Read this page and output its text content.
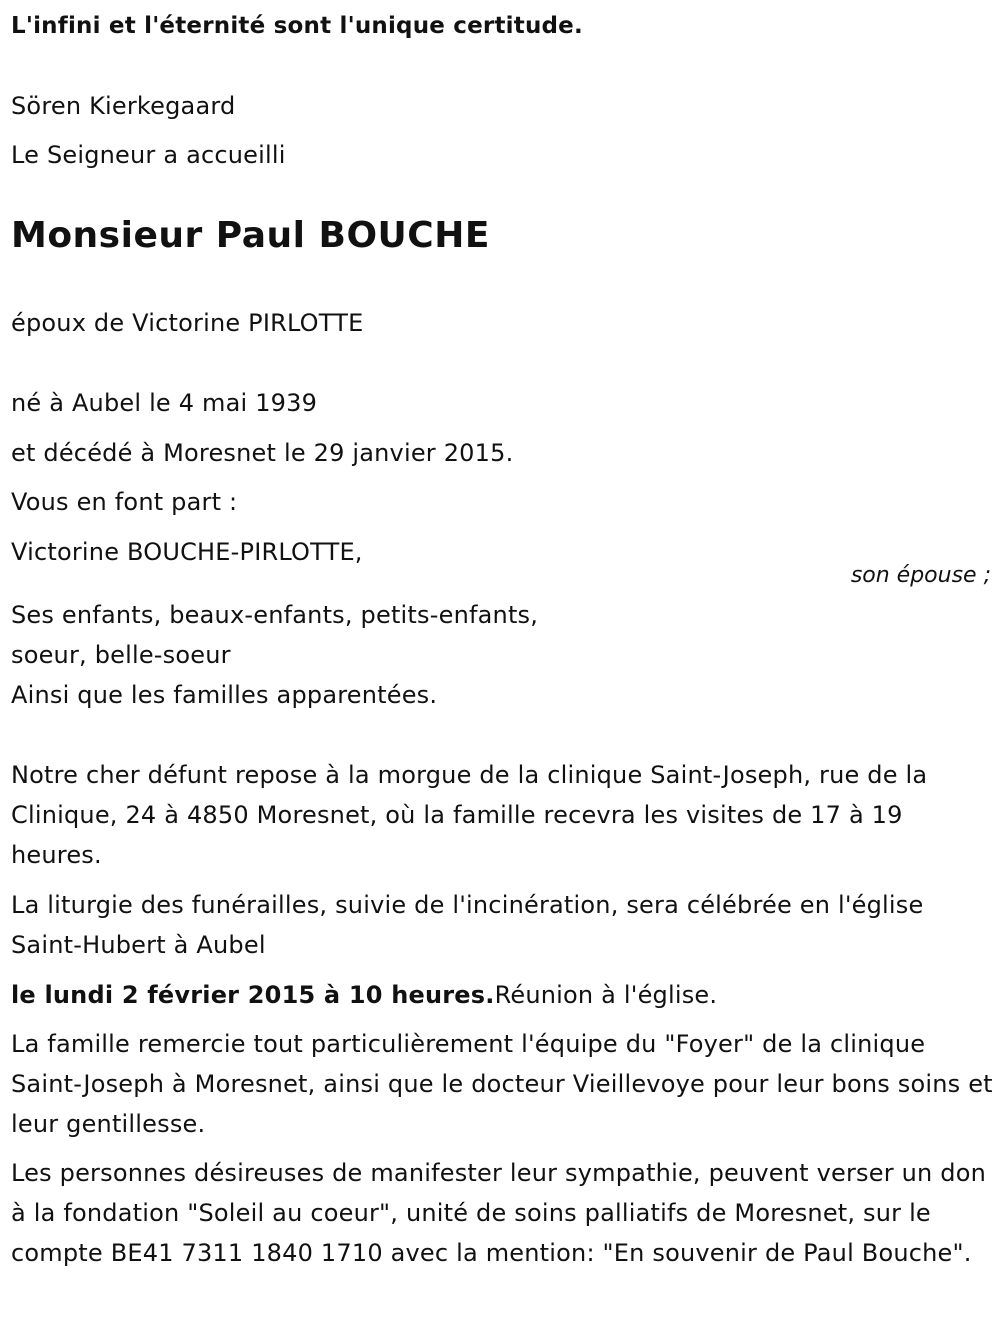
L'infini et l'éternité sont l'unique certitude.
Sören Kierkegaard
Le Seigneur a accueilli
Monsieur Paul BOUCHE
époux de Victorine PIRLOTTE
né à Aubel le 4 mai 1939
et décédé à Moresnet le 29 janvier 2015.
Vous en font part :
Victorine BOUCHE-PIRLOTTE,
son épouse ;
Ses enfants, beaux-enfants, petits-enfants,
soeur, belle-soeur
Ainsi que les familles apparentées.

Notre cher défunt repose à la morgue de la clinique Saint-Joseph, rue de la Clinique, 24 à 4850 Moresnet, où la famille recevra les visites de 17 à 19 heures.

La liturgie des funérailles, suivie de l'incinération, sera célébrée en l'église Saint-Hubert à Aubel

le lundi 2 février 2015 à 10 heures.Réunion à l'église.

La famille remercie tout particulièrement l'équipe du "Foyer" de la clinique Saint-Joseph à Moresnet, ainsi que le docteur Vieillevoye pour leur bons soins et leur gentillesse.

Les personnes désireuses de manifester leur sympathie, peuvent verser un don à la fondation "Soleil au coeur", unité de soins palliatifs de Moresnet, sur le compte BE41 7311 1840 1710 avec la mention: "En souvenir de Paul Bouche".
